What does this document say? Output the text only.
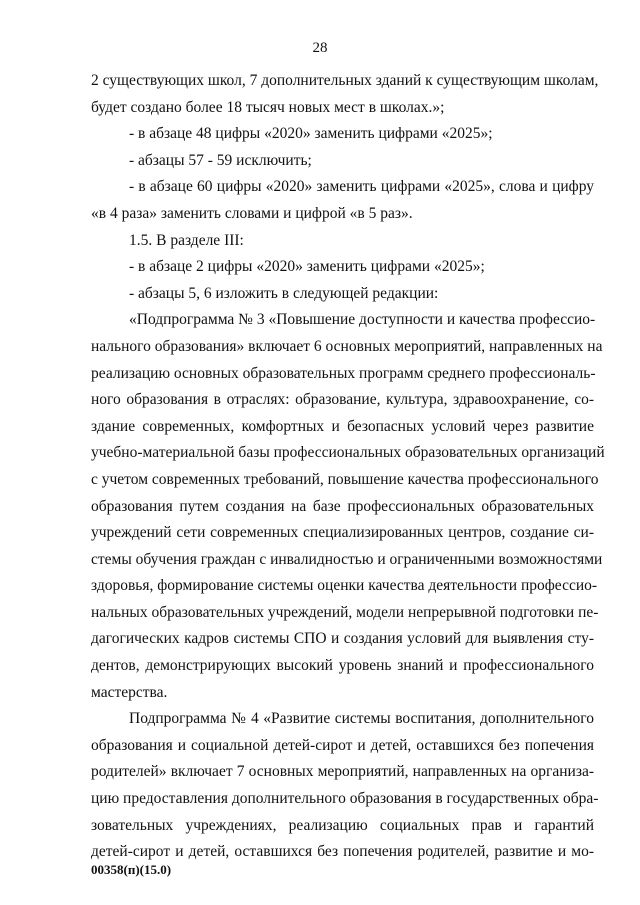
28
2 существующих школ, 7 дополнительных зданий к существующим школам,
будет создано более 18 тысяч новых мест в школах.»;
- в абзаце 48 цифры «2020» заменить цифрами «2025»;
- абзацы 57 - 59 исключить;
- в абзаце 60 цифры «2020» заменить цифрами «2025», слова и цифру
«в 4 раза» заменить словами и цифрой «в 5 раз».
1.5. В разделе III:
- в абзаце 2 цифры «2020» заменить цифрами «2025»;
- абзацы 5, 6 изложить в следующей редакции:
«Подпрограмма № 3 «Повышение доступности и качества профессио-
нального образования» включает 6 основных мероприятий, направленных на
реализацию основных образовательных программ среднего профессиональ-
ного образования в отраслях: образование, культура, здравоохранение, со-
здание современных, комфортных и безопасных условий через развитие
учебно-материальной базы профессиональных образовательных организаций
с учетом современных требований, повышение качества профессионального
образования путем создания на базе профессиональных образовательных
учреждений сети современных специализированных центров, создание си-
стемы обучения граждан с инвалидностью и ограниченными возможностями
здоровья, формирование системы оценки качества деятельности профессио-
нальных образовательных учреждений, модели непрерывной подготовки пе-
дагогических кадров системы СПО и создания условий для выявления сту-
дентов, демонстрирующих высокий уровень знаний и профессионального
мастерства.
Подпрограмма № 4 «Развитие системы воспитания, дополнительного
образования и социальной детей-сирот и детей, оставшихся без попечения
родителей» включает 7 основных мероприятий, направленных на организа-
цию предоставления дополнительного образования в государственных обра-
зовательных учреждениях, реализацию социальных прав и гарантий
детей-сирот и детей, оставшихся без попечения родителей, развитие и мо-
00358(п)(15.0)
